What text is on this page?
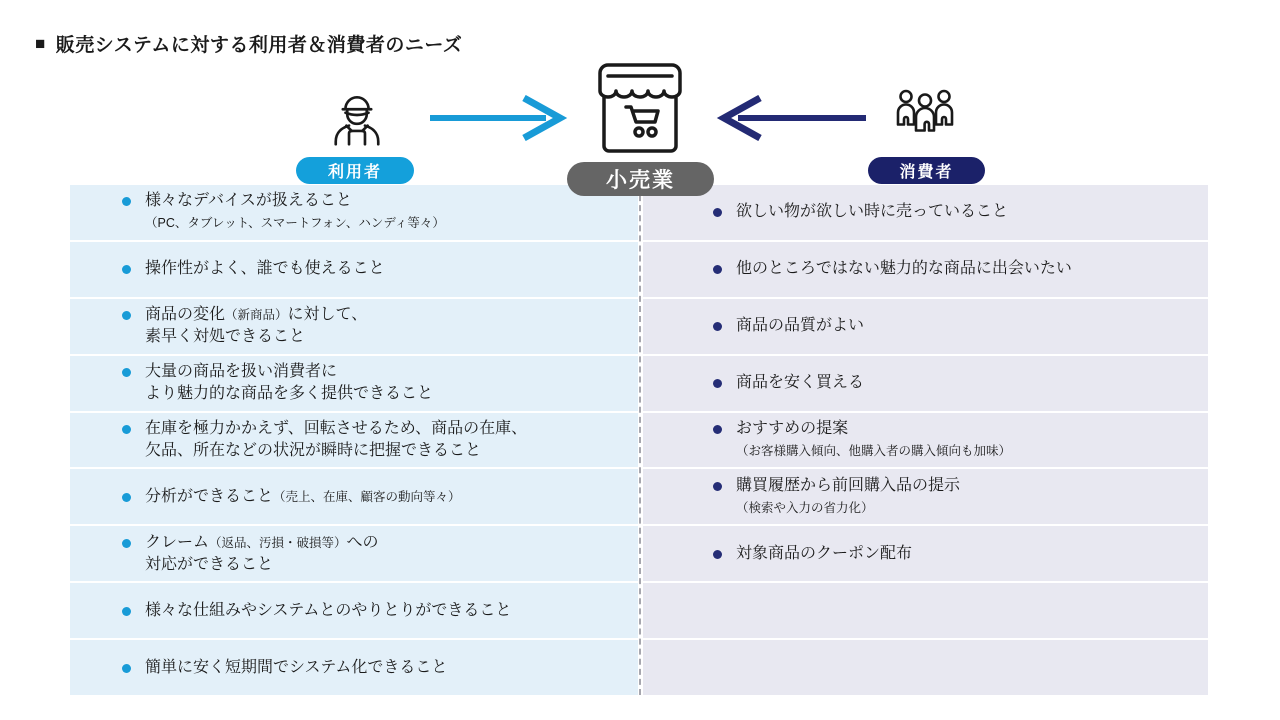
■ 販売システムに対する利用者＆消費者のニーズ
利用者	小売業	消費者
様々なデバイスが扱えること
（PC、タブレット、スマートフォン、ハンディ等々）
操作性がよく、誰でも使えること
商品の変化（新商品）に対して、
素早く対処できること
大量の商品を扱い消費者に
より魅力的な商品を多く提供できること
在庫を極力かかえず、回転させるため、商品の在庫、
欠品、所在などの状況が瞬時に把握できること
分析ができること（売上、在庫、顧客の動向等々）
クレーム（返品、汚損・破損等）への
対応ができること
様々な仕組みやシステムとのやりとりができること
簡単に安く短期間でシステム化できること
欲しい物が欲しい時に売っていること
他のところではない魅力的な商品に出会いたい
商品の品質がよい
商品を安く買える
おすすめの提案
（お客様購入傾向、他購入者の購入傾向も加味）
購買履歴から前回購入品の提示
（検索や入力の省力化）
対象商品のクーポン配布
